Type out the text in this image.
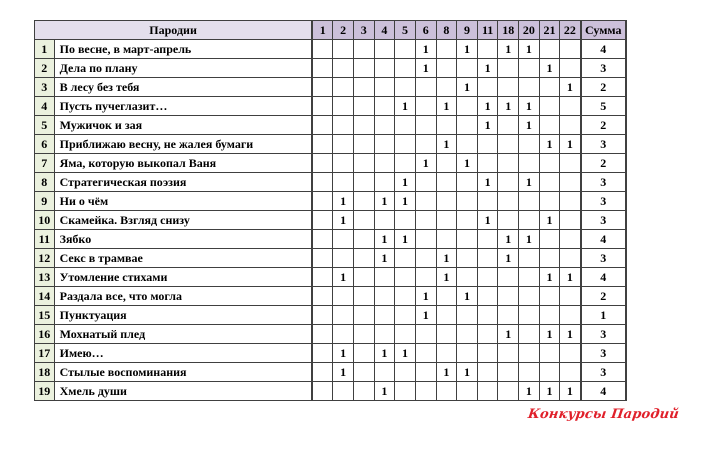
Пародии		1	2	3	4	5	6	8	9	11	18	20	21	22	Сумма
1	По весне, в март-апрель						1		1		1	1			4
2	Дела по плану						1			1			1		3
3	В лесу без тебя								1					1	2
4	Пусть пучеглазит…					1		1		1	1	1			5
5	Мужичок и зая									1		1			2
6	Приближаю весну, не жалея бумаги							1					1	1	3
7	Яма, которую выкопал Ваня						1		1						2
8	Стратегическая поэзия					1				1		1			3
9	Ни о чём		1		1	1									3
10	Скамейка. Взгляд снизу		1							1			1		3
11	Зябко				1	1					1	1			4
12	Секс в трамвае				1			1			1				3
13	Утомление стихами		1					1					1	1	4
14	Раздала все, что могла						1		1						2
15	Пунктуация						1								1
16	Мохнатый плед										1		1	1	3
17	Имею…		1		1	1									3
18	Стылые воспоминания		1					1	1						3
19	Хмель души				1							1	1	1	4
Конкурсы Пародий
